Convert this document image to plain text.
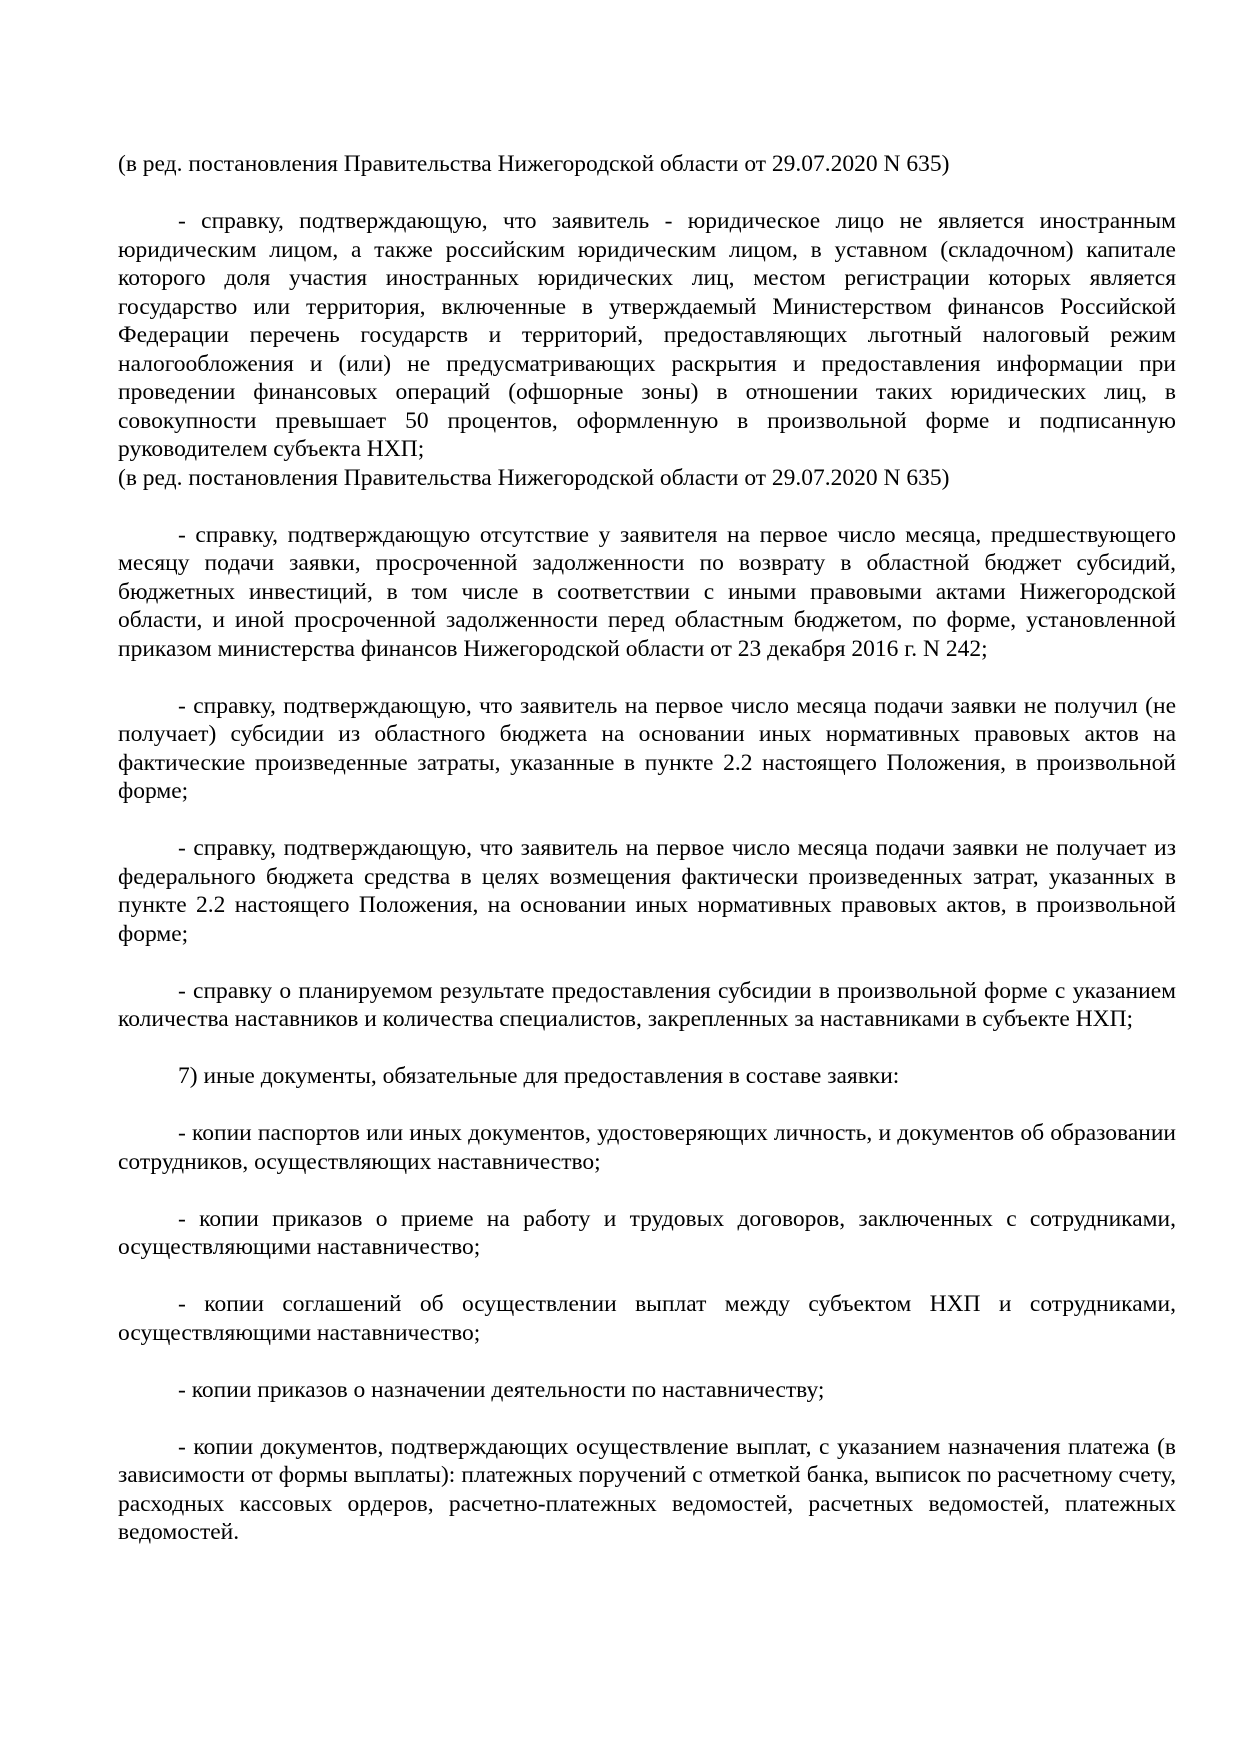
(в ред. постановления Правительства Нижегородской области от 29.07.2020 N 635)

- справку, подтверждающую, что заявитель - юридическое лицо не является иностранным юридическим лицом, а также российским юридическим лицом, в уставном (складочном) капитале которого доля участия иностранных юридических лиц, местом регистрации которых является государство или территория, включенные в утверждаемый Министерством финансов Российской Федерации перечень государств и территорий, предоставляющих льготный налоговый режим налогообложения и (или) не предусматривающих раскрытия и предоставления информации при проведении финансовых операций (офшорные зоны) в отношении таких юридических лиц, в совокупности превышает 50 процентов, оформленную в произвольной форме и подписанную руководителем субъекта НХП;

(в ред. постановления Правительства Нижегородской области от 29.07.2020 N 635)

- справку, подтверждающую отсутствие у заявителя на первое число месяца, предшествующего месяцу подачи заявки, просроченной задолженности по возврату в областной бюджет субсидий, бюджетных инвестиций, в том числе в соответствии с иными правовыми актами Нижегородской области, и иной просроченной задолженности перед областным бюджетом, по форме, установленной приказом министерства финансов Нижегородской области от 23 декабря 2016 г. N 242;

- справку, подтверждающую, что заявитель на первое число месяца подачи заявки не получил (не получает) субсидии из областного бюджета на основании иных нормативных правовых актов на фактические произведенные затраты, указанные в пункте 2.2 настоящего Положения, в произвольной форме;

- справку, подтверждающую, что заявитель на первое число месяца подачи заявки не получает из федерального бюджета средства в целях возмещения фактически произведенных затрат, указанных в пункте 2.2 настоящего Положения, на основании иных нормативных правовых актов, в произвольной форме;

- справку о планируемом результате предоставления субсидии в произвольной форме с указанием количества наставников и количества специалистов, закрепленных за наставниками в субъекте НХП;

7) иные документы, обязательные для предоставления в составе заявки:

- копии паспортов или иных документов, удостоверяющих личность, и документов об образовании сотрудников, осуществляющих наставничество;

- копии приказов о приеме на работу и трудовых договоров, заключенных с сотрудниками, осуществляющими наставничество;

- копии соглашений об осуществлении выплат между субъектом НХП и сотрудниками, осуществляющими наставничество;

- копии приказов о назначении деятельности по наставничеству;

- копии документов, подтверждающих осуществление выплат, с указанием назначения платежа (в зависимости от формы выплаты): платежных поручений с отметкой банка, выписок по расчетному счету, расходных кассовых ордеров, расчетно-платежных ведомостей, расчетных ведомостей, платежных ведомостей.
